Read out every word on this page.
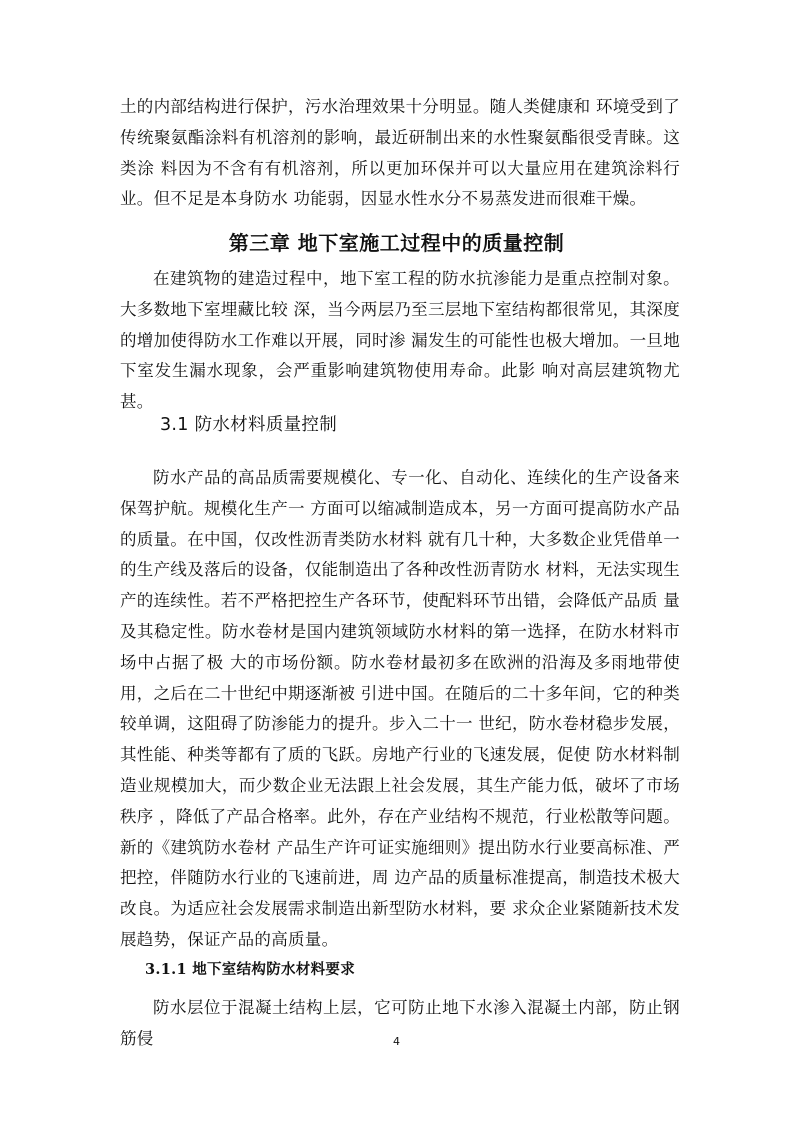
土的内部结构进行保护，污水治理效果十分明显。随人类健康和 环境受到了传统聚氨酯涂料有机溶剂的影响，最近研制出来的水性聚氨酯很受青睐。这类涂 料因为不含有有机溶剂，所以更加环保并可以大量应用在建筑涂料行业。但不足是本身防水 功能弱，因显水性水分不易蒸发进而很难干燥。

第三章 地下室施工过程中的质量控制

在建筑物的建造过程中，地下室工程的防水抗渗能力是重点控制对象。大多数地下室埋藏比较 深，当今两层乃至三层地下室结构都很常见，其深度的增加使得防水工作难以开展，同时渗 漏发生的可能性也极大增加。一旦地下室发生漏水现象，会严重影响建筑物使用寿命。此影 响对高层建筑物尤甚。

3.1 防水材料质量控制

防水产品的高品质需要规模化、专一化、自动化、连续化的生产设备来保驾护航。规模化生产一 方面可以缩减制造成本，另一方面可提高防水产品的质量。在中国，仅改性沥青类防水材料 就有几十种，大多数企业凭借单一的生产线及落后的设备，仅能制造出了各种改性沥青防水 材料，无法实现生产的连续性。若不严格把控生产各环节，使配料环节出错，会降低产品质 量及其稳定性。防水卷材是国内建筑领域防水材料的第一选择，在防水材料市场中占据了极 大的市场份额。防水卷材最初多在欧洲的沿海及多雨地带使用，之后在二十世纪中期逐渐被 引进中国。在随后的二十多年间，它的种类较单调，这阻碍了防渗能力的提升。步入二十一 世纪，防水卷材稳步发展，其性能、种类等都有了质的飞跃。房地产行业的飞速发展，促使 防水材料制造业规模加大，而少数企业无法跟上社会发展，其生产能力低，破坏了市场秩序 ，降低了产品合格率。此外，存在产业结构不规范，行业松散等问题。新的《建筑防水卷材 产品生产许可证实施细则》提出防水行业要高标准、严把控，伴随防水行业的飞速前进，周 边产品的质量标准提高，制造技术极大改良。为适应社会发展需求制造出新型防水材料，要 求众企业紧随新技术发展趋势，保证产品的高质量。

3.1.1 地下室结构防水材料要求

防水层位于混凝土结构上层，它可防止地下水渗入混凝土内部，防止钢筋侵	4
